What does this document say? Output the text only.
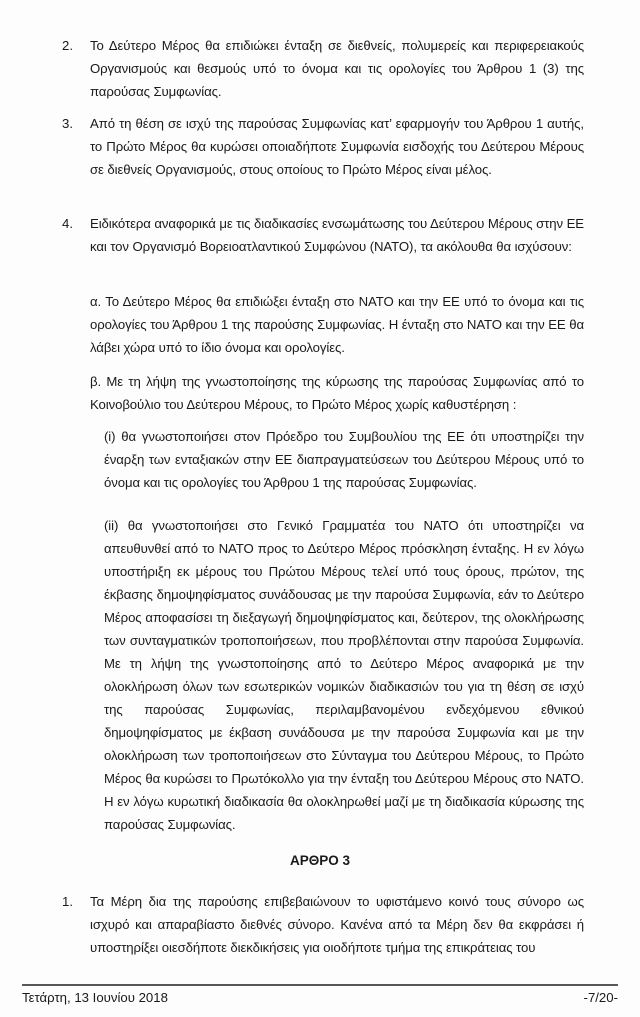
2.	Το Δεύτερο Μέρος θα επιδιώκει ένταξη σε διεθνείς, πολυμερείς και περιφερειακούς Οργανισμούς και θεσμούς υπό το όνομα και τις ορολογίες του Άρθρου 1 (3) της παρούσας Συμφωνίας.
3.	Από τη θέση σε ισχύ της παρούσας Συμφωνίας κατ’ εφαρμογήν του Άρθρου 1 αυτής, το Πρώτο Μέρος θα κυρώσει οποιαδήποτε Συμφωνία εισδοχής του Δεύτερου Μέρους σε διεθνείς Οργανισμούς, στους οποίους το Πρώτο Μέρος είναι μέλος.
4.	Ειδικότερα αναφορικά με τις διαδικασίες ενσωμάτωσης του Δεύτερου Μέρους στην ΕΕ και τον Οργανισμό Βορειοατλαντικού Συμφώνου (ΝΑΤΟ), τα ακόλουθα θα ισχύσουν:
α. Το Δεύτερο Μέρος θα επιδιώξει ένταξη στο ΝΑΤΟ και την ΕΕ υπό το όνομα και τις ορολογίες του Άρθρου 1 της παρούσης Συμφωνίας. Η ένταξη στο ΝΑΤΟ και την ΕΕ θα λάβει χώρα υπό το ίδιο όνομα και ορολογίες.
β. Με τη λήψη της γνωστοποίησης της κύρωσης της παρούσας Συμφωνίας από το Κοινοβούλιο του Δεύτερου Μέρους, το Πρώτο Μέρος χωρίς καθυστέρηση :
(i) θα γνωστοποιήσει στον Πρόεδρο του Συμβουλίου της ΕΕ ότι υποστηρίζει την έναρξη των ενταξιακών στην ΕΕ διαπραγματεύσεων του Δεύτερου Μέρους υπό το όνομα και τις ορολογίες του Άρθρου 1 της παρούσας Συμφωνίας.
(ii) θα γνωστοποιήσει στο Γενικό Γραμματέα του ΝΑΤΟ ότι υποστηρίζει να απευθυνθεί από το ΝΑΤΟ προς το Δεύτερο Μέρος πρόσκληση ένταξης. Η εν λόγω υποστήριξη εκ μέρους του Πρώτου Μέρους τελεί υπό τους όρους, πρώτον, της έκβασης δημοψηφίσματος συνάδουσας με την παρούσα Συμφωνία, εάν το Δεύτερο Μέρος αποφασίσει τη διεξαγωγή δημοψηφίσματος και, δεύτερον, της ολοκλήρωσης των συνταγματικών τροποποιήσεων, που προβλέπονται στην παρούσα Συμφωνία. Με τη λήψη της γνωστοποίησης από το Δεύτερο Μέρος αναφορικά με την ολοκλήρωση όλων των εσωτερικών νομικών διαδικασιών του για τη θέση σε ισχύ της παρούσας Συμφωνίας, περιλαμβανομένου ενδεχόμενου εθνικού δημοψηφίσματος με έκβαση συνάδουσα με την παρούσα Συμφωνία και με την ολοκλήρωση των τροποποιήσεων στο Σύνταγμα του Δεύτερου Μέρους, το Πρώτο Μέρος θα κυρώσει το Πρωτόκολλο για την ένταξη του Δεύτερου Μέρους στο ΝΑΤΟ. Η εν λόγω κυρωτική διαδικασία θα ολοκληρωθεί μαζί με τη διαδικασία κύρωσης της παρούσας Συμφωνίας.
ΑΡΘΡΟ 3
1.	Τα Μέρη δια της παρούσης επιβεβαιώνουν το υφιστάμενο κοινό τους σύνορο ως ισχυρό και απαραβίαστο διεθνές σύνορο. Κανένα από τα Μέρη δεν θα εκφράσει ή υποστηρίξει οιεσδήποτε διεκδικήσεις για οιοδήποτε τμήμα της επικράτειας του
Τετάρτη, 13 Ιουνίου 2018	-7/20-
